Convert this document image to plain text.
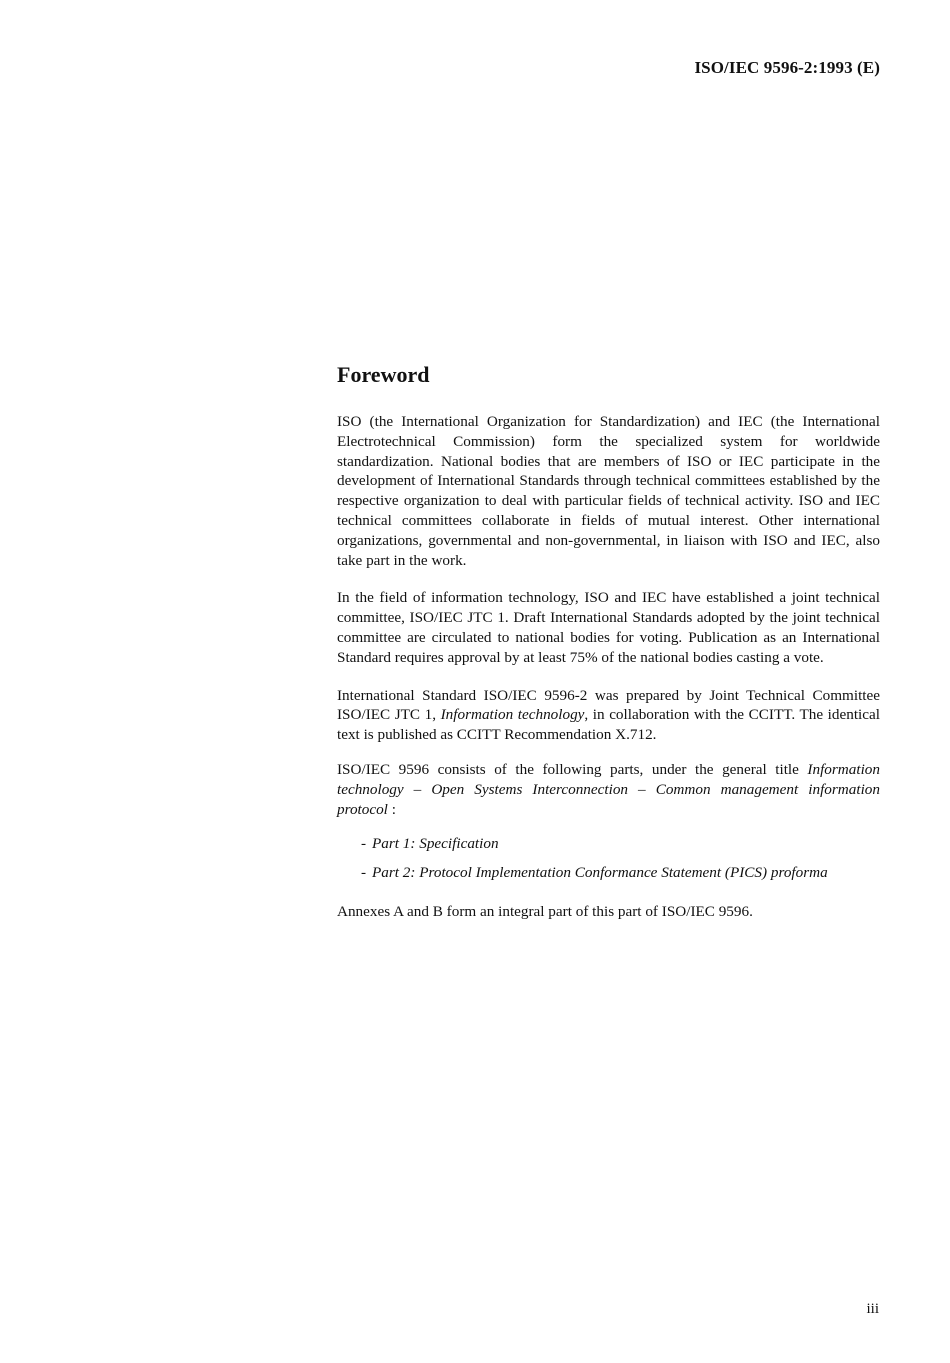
ISO/IEC 9596-2:1993 (E)
Foreword

ISO (the International Organization for Standardization) and IEC (the International Electrotechnical Commission) form the specialized system for worldwide standardization. National bodies that are members of ISO or IEC participate in the development of International Standards through technical committees established by the respective organization to deal with particular fields of technical activity. ISO and IEC technical committees collaborate in fields of mutual interest. Other international organizations, governmental and non-governmental, in liaison with ISO and IEC, also take part in the work.

In the field of information technology, ISO and IEC have established a joint technical committee, ISO/IEC JTC 1. Draft International Standards adopted by the joint technical committee are circulated to national bodies for voting. Publication as an International Standard requires approval by at least 75% of the national bodies casting a vote.

International Standard ISO/IEC 9596-2 was prepared by Joint Technical Committee ISO/IEC JTC 1, Information technology, in collaboration with the CCITT. The identical text is published as CCITT Recommendation X.712.

ISO/IEC 9596 consists of the following parts, under the general title Information technology – Open Systems Interconnection – Common management information protocol :

- Part 1: Specification
- Part 2: Protocol Implementation Conformance Statement (PICS) proforma

Annexes A and B form an integral part of this part of ISO/IEC 9596.

iii
